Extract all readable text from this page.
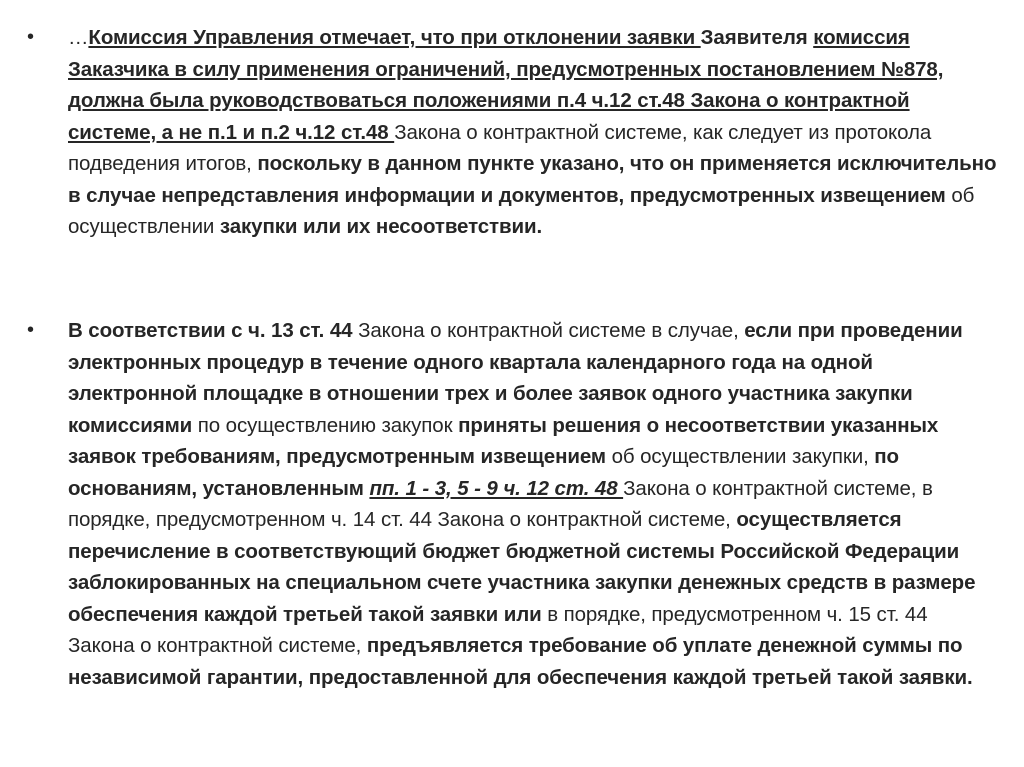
• …Комиссия Управления отмечает, что при отклонении заявки Заявителя комиссия Заказчика в силу применения ограничений, предусмотренных постановлением №878, должна была руководствоваться положениями п.4 ч.12 ст.48 Закона о контрактной системе, а не п.1 и п.2 ч.12 ст.48 Закона о контрактной системе, как следует из протокола подведения итогов, поскольку в данном пункте указано, что он применяется исключительно в случае непредставления информации и документов, предусмотренных извещением об осуществлении закупки или их несоответствии.
• В соответствии с ч. 13 ст. 44 Закона о контрактной системе в случае, если при проведении электронных процедур в течение одного квартала календарного года на одной электронной площадке в отношении трех и более заявок одного участника закупки комиссиями по осуществлению закупок приняты решения о несоответствии указанных заявок требованиям, предусмотренным извещением об осуществлении закупки, по основаниям, установленным пп. 1 - 3, 5 - 9 ч. 12 ст. 48 Закона о контрактной системе, в порядке, предусмотренном ч. 14 ст. 44 Закона о контрактной системе, осуществляется перечисление в соответствующий бюджет бюджетной системы Российской Федерации заблокированных на специальном счете участника закупки денежных средств в размере обеспечения каждой третьей такой заявки или в порядке, предусмотренном ч. 15 ст. 44 Закона о контрактной системе, предъявляется требование об уплате денежной суммы по независимой гарантии, предоставленной для обеспечения каждой третьей такой заявки.
